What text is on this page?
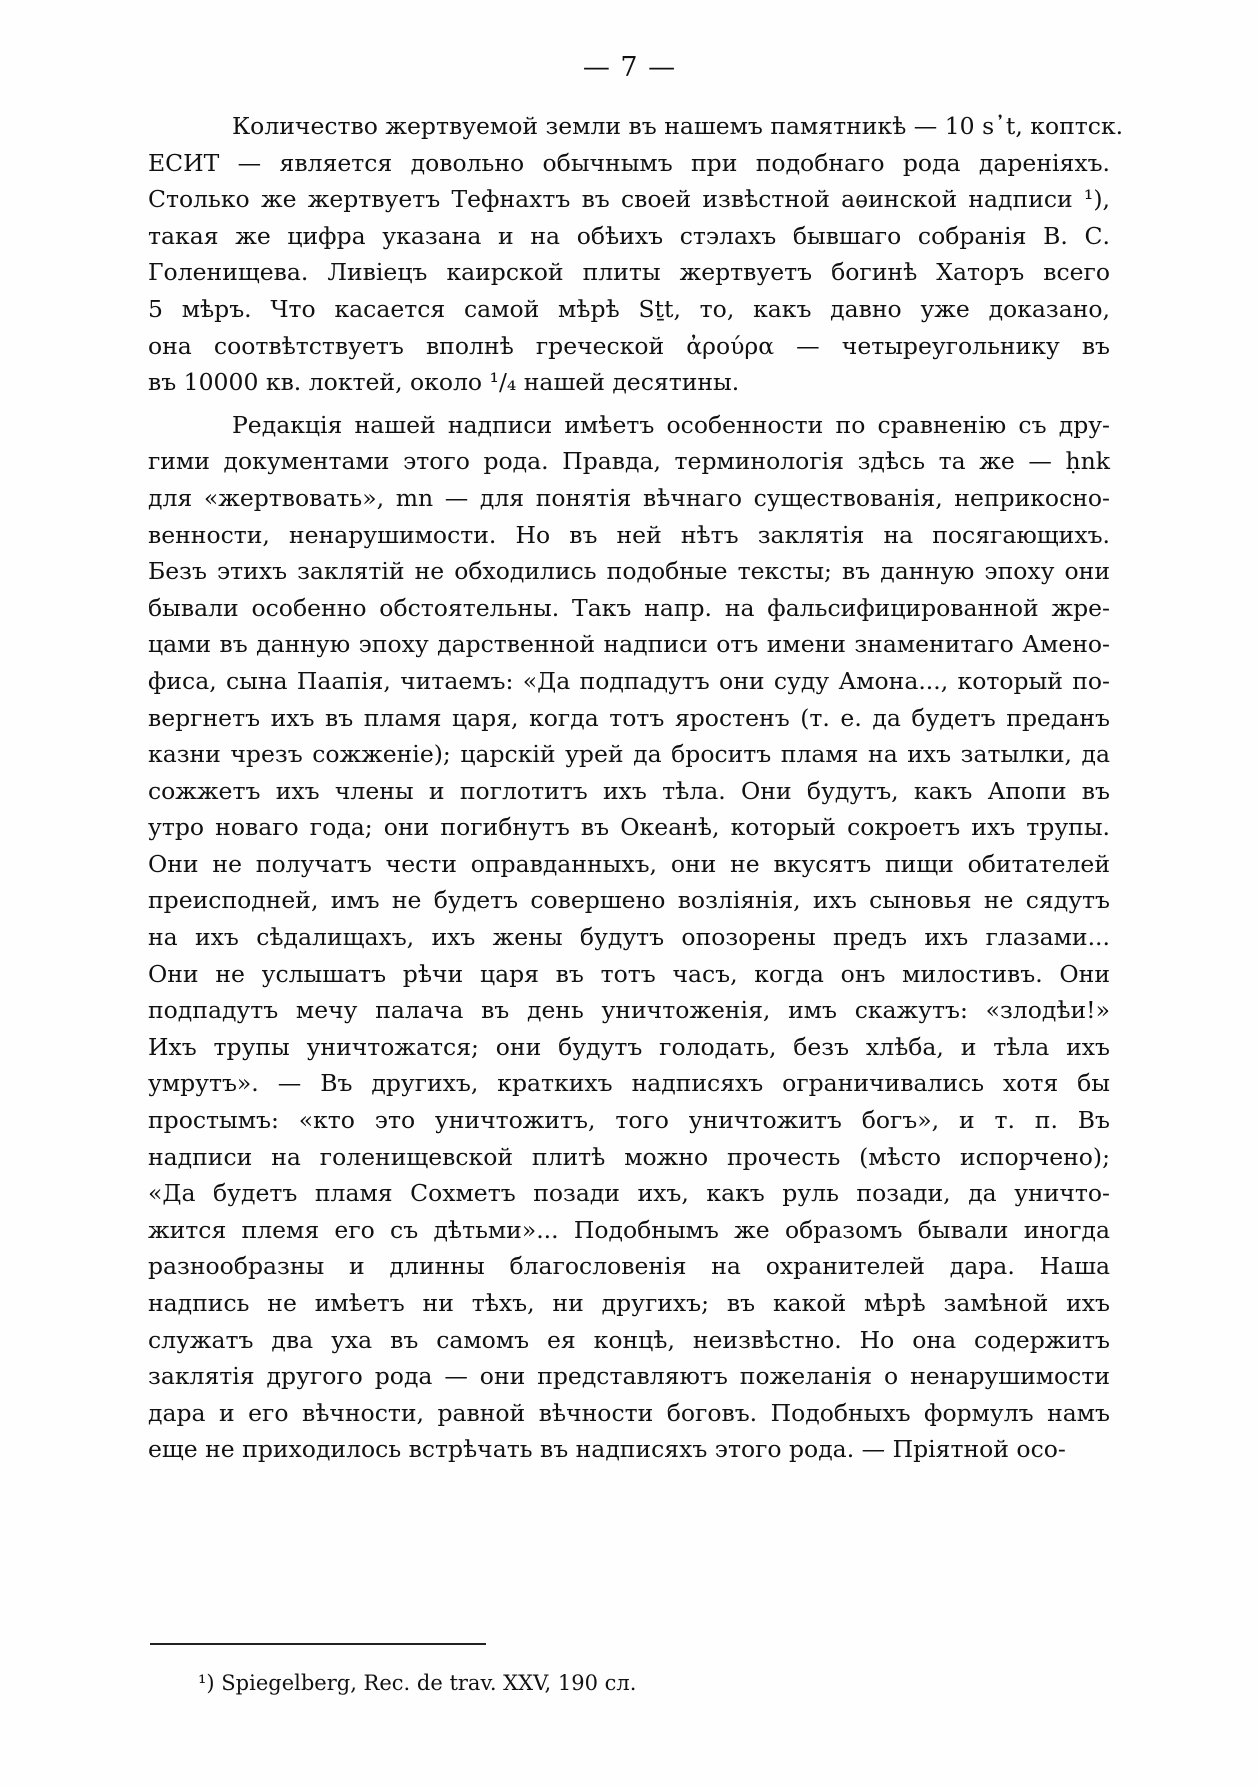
— 7 —

Количество жертвуемой земли въ нашемъ памятникѣ — 10 s᾽t, коптск.
ЕСИТ — является довольно обычнымъ при подобнаго рода дареніяхъ.
Столько же жертвуетъ Тефнахтъ въ своей извѣстной аѳинской надписи ¹),
такая же цифра указана и на обѣихъ стэлахъ бывшаго собранія В. С.
Голенищева. Ливіецъ каирской плиты жертвуетъ богинѣ Хаторъ всего
5 мѣръ. Что касается самой мѣрѣ Sṯt, то, какъ давно уже доказано,
она соотвѣтствуетъ вполнѣ греческой ἀρούρα — четыреугольнику въ
въ 10000 кв. локтей, около ¹/₄ нашей десятины.

Редакція нашей надписи имѣетъ особенности по сравненію съ дру-
гими документами этого рода. Правда, терминологія здѣсь та же — ḥnk
для «жертвовать», mn — для понятія вѣчнаго существованія, неприкосно-
венности, ненарушимости. Но въ ней нѣтъ заклятія на посягающихъ.
Безъ этихъ заклятій не обходились подобные тексты; въ данную эпоху они
бывали особенно обстоятельны. Такъ напр. на фальсифицированной жре-
цами въ данную эпоху дарственной надписи отъ имени знаменитаго Амено-
фиса, сына Паапія, читаемъ: «Да подпадутъ они суду Амона..., который по-
вергнетъ ихъ въ пламя царя, когда тотъ яростенъ (т. е. да будетъ преданъ
казни чрезъ сожженіе); царскій урей да броситъ пламя на ихъ затылки, да
сожжетъ ихъ члены и поглотитъ ихъ тѣла. Они будутъ, какъ Апопи въ
утро новаго года; они погибнутъ въ Океанѣ, который сокроетъ ихъ трупы.
Они не получатъ чести оправданныхъ, они не вкусятъ пищи обитателей
преисподней, имъ не будетъ совершено возліянія, ихъ сыновья не сядутъ
на ихъ сѣдалищахъ, ихъ жены будутъ опозорены предъ ихъ глазами...
Они не услышатъ рѣчи царя въ тотъ часъ, когда онъ милостивъ. Они
подпадутъ мечу палача въ день уничтоженія, имъ скажутъ: «злодѣи!»
Ихъ трупы уничтожатся; они будутъ голодать, безъ хлѣба, и тѣла ихъ
умрутъ». — Въ другихъ, краткихъ надписяхъ ограничивались хотя бы
простымъ: «кто это уничтожитъ, того уничтожитъ богъ», и т. п. Въ
надписи на голенищевской плитѣ можно прочесть (мѣсто испорчено);
«Да будетъ пламя Сохметъ позади ихъ, какъ руль позади, да уничто-
жится племя его съ дѣтьми»... Подобнымъ же образомъ бывали иногда
разнообразны и длинны благословенія на охранителей дара. Наша
надпись не имѣетъ ни тѣхъ, ни другихъ; въ какой мѣрѣ замѣной ихъ
служатъ два уха въ самомъ ея концѣ, неизвѣстно. Но она содержитъ
заклятія другого рода — они представляютъ пожеланія о ненарушимости
дара и его вѣчности, равной вѣчности боговъ. Подобныхъ формулъ намъ
еще не приходилось встрѣчать въ надписяхъ этого рода. — Пріятной осо-

¹) Spiegelberg, Rec. de trav. XXV, 190 сл.
